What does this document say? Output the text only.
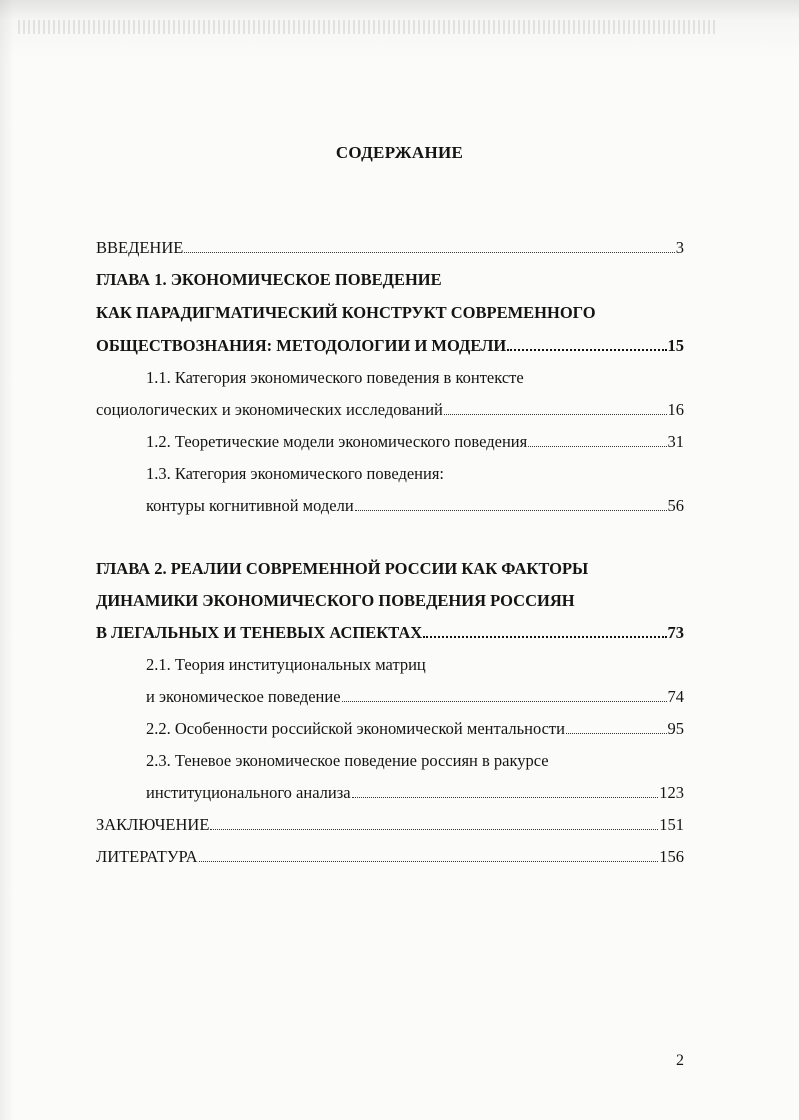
СОДЕРЖАНИЕ
ВВЕДЕНИЕ	3
ГЛАВА 1. ЭКОНОМИЧЕСКОЕ ПОВЕДЕНИЕ
КАК ПАРАДИГМАТИЧЕСКИЙ КОНСТРУКТ СОВРЕМЕННОГО
ОБЩЕСТВОЗНАНИЯ: МЕТОДОЛОГИИ И МОДЕЛИ	15
1.1. Категория экономического поведения в контексте
социологических и экономических исследований	16
1.2. Теоретические модели экономического поведения	31
1.3. Категория экономического поведения:
контуры когнитивной модели	56
ГЛАВА 2. РЕАЛИИ СОВРЕМЕННОЙ РОССИИ КАК ФАКТОРЫ
ДИНАМИКИ ЭКОНОМИЧЕСКОГО ПОВЕДЕНИЯ РОССИЯН
В ЛЕГАЛЬНЫХ И ТЕНЕВЫХ АСПЕКТАХ	73
2.1. Теория институциональных матриц
и экономическое поведение	74
2.2. Особенности российской экономической ментальности	95
2.3. Теневое экономическое поведение россиян в ракурсе
институционального анализа	123
ЗАКЛЮЧЕНИЕ	151
ЛИТЕРАТУРА	156
2
